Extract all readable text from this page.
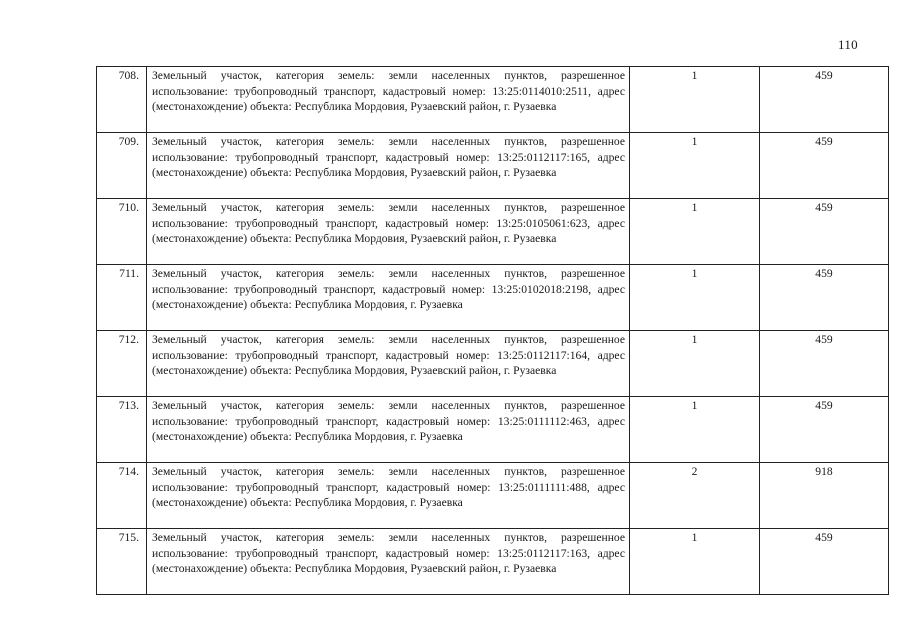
110
708.	Земельный участок, категория земель: земли населенных пунктов, разрешенное использование: трубопроводный транспорт, кадастровый номер: 13:25:0114010:2511, адрес (местонахождение) объекта: Республика Мордовия, Рузаевский район, г. Рузаевка	1	459
709.	Земельный участок, категория земель: земли населенных пунктов, разрешенное использование: трубопроводный транспорт, кадастровый номер: 13:25:0112117:165, адрес (местонахождение) объекта: Республика Мордовия, Рузаевский район, г. Рузаевка	1	459
710.	Земельный участок, категория земель: земли населенных пунктов, разрешенное использование: трубопроводный транспорт, кадастровый номер: 13:25:0105061:623, адрес (местонахождение) объекта: Республика Мордовия, Рузаевский район, г. Рузаевка	1	459
711.	Земельный участок, категория земель: земли населенных пунктов, разрешенное использование: трубопроводный транспорт, кадастровый номер: 13:25:0102018:2198, адрес (местонахождение) объекта: Республика Мордовия, г. Рузаевка	1	459
712.	Земельный участок, категория земель: земли населенных пунктов, разрешенное использование: трубопроводный транспорт, кадастровый номер: 13:25:0112117:164, адрес (местонахождение) объекта: Республика Мордовия, Рузаевский район, г. Рузаевка	1	459
713.	Земельный участок, категория земель: земли населенных пунктов, разрешенное использование: трубопроводный транспорт, кадастровый номер: 13:25:0111112:463, адрес (местонахождение) объекта: Республика Мордовия, г. Рузаевка	1	459
714.	Земельный участок, категория земель: земли населенных пунктов, разрешенное использование: трубопроводный транспорт, кадастровый номер: 13:25:0111111:488, адрес (местонахождение) объекта: Республика Мордовия, г. Рузаевка	2	918
715.	Земельный участок, категория земель: земли населенных пунктов, разрешенное использование: трубопроводный транспорт, кадастровый номер: 13:25:0112117:163, адрес (местонахождение) объекта: Республика Мордовия, Рузаевский район, г. Рузаевка	1	459
